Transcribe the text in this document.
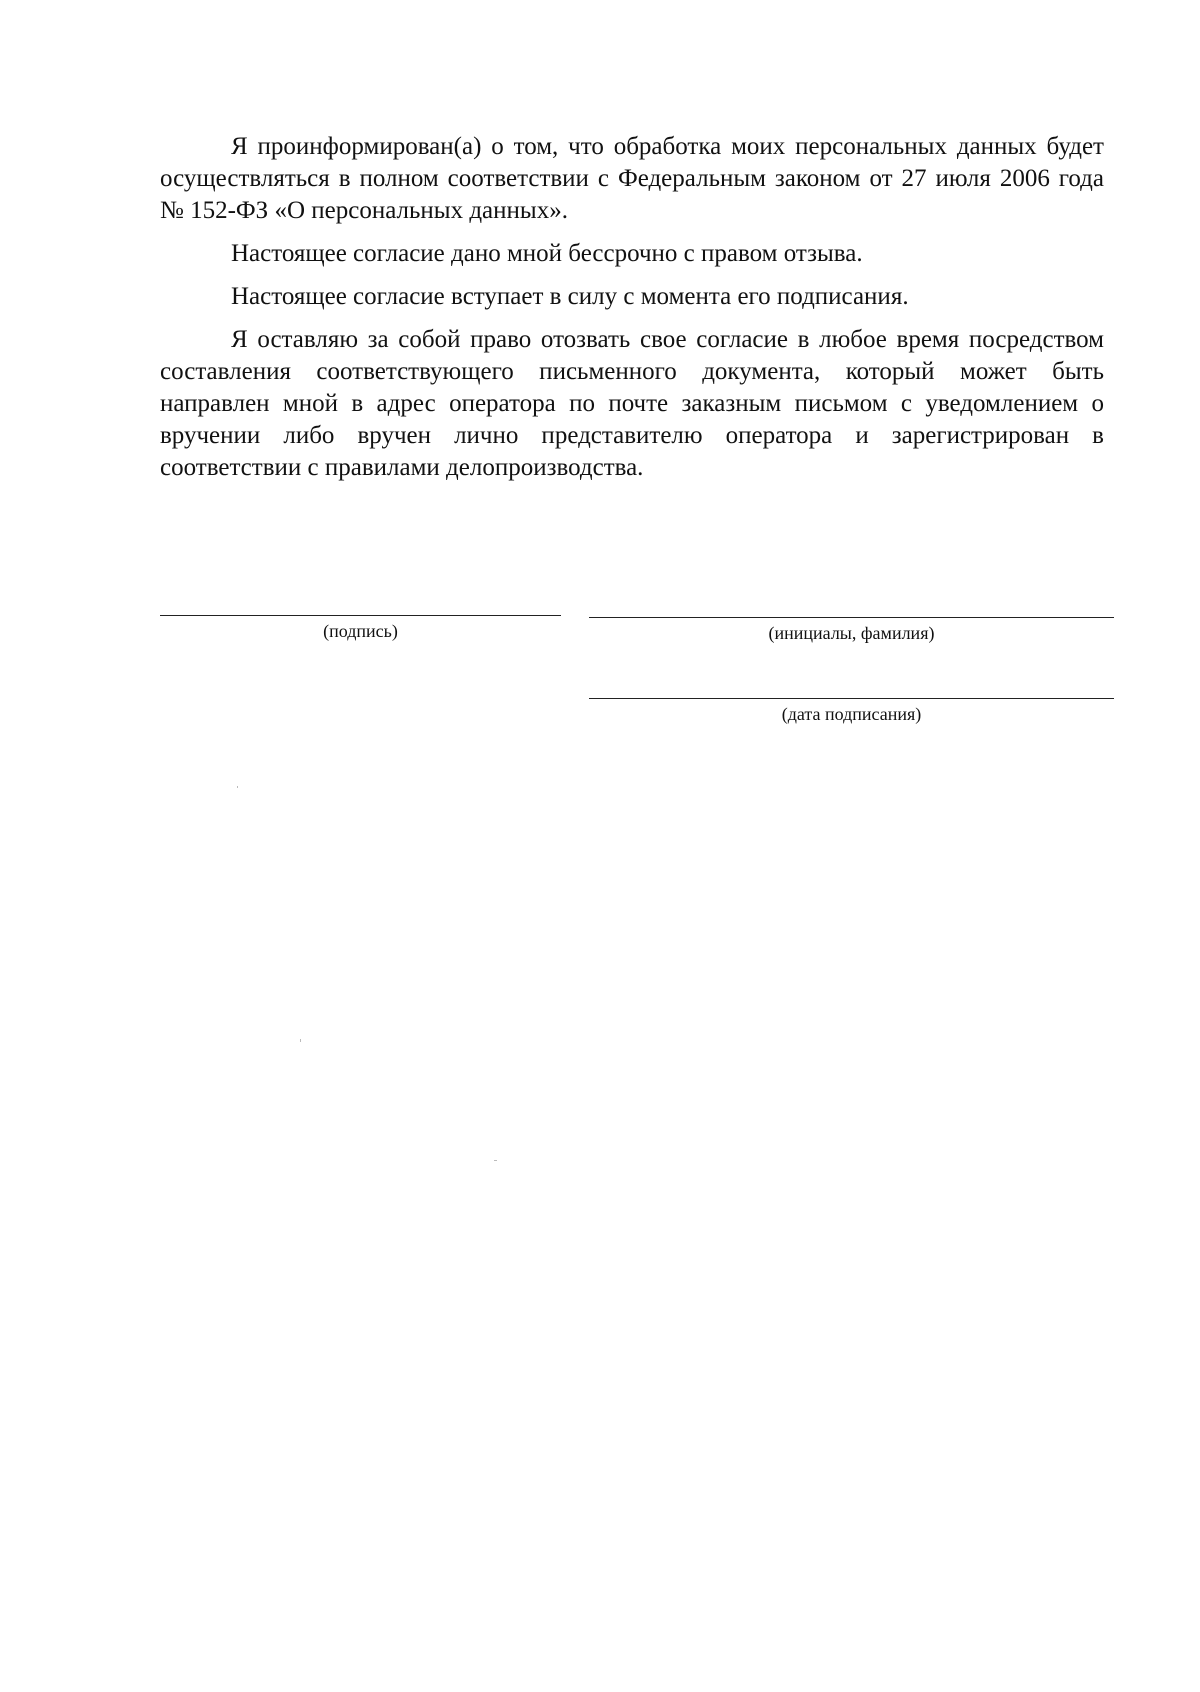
Я проинформирован(а) о том, что обработка моих персональных данных будет осуществляться в полном соответствии с Федеральным законом от 27 июля 2006 года № 152-ФЗ «О персональных данных».

Настоящее согласие дано мной бессрочно с правом отзыва.

Настоящее согласие вступает в силу с момента его подписания.

Я оставляю за собой право отозвать свое согласие в любое время посредством составления соответствующего письменного документа, который может быть направлен мной в адрес оператора по почте заказным письмом с уведомлением о вручении либо вручен лично представителю оператора и зарегистрирован в соответствии с правилами делопроизводства.

(подпись)	(инициалы, фамилия)
(дата подписания)
